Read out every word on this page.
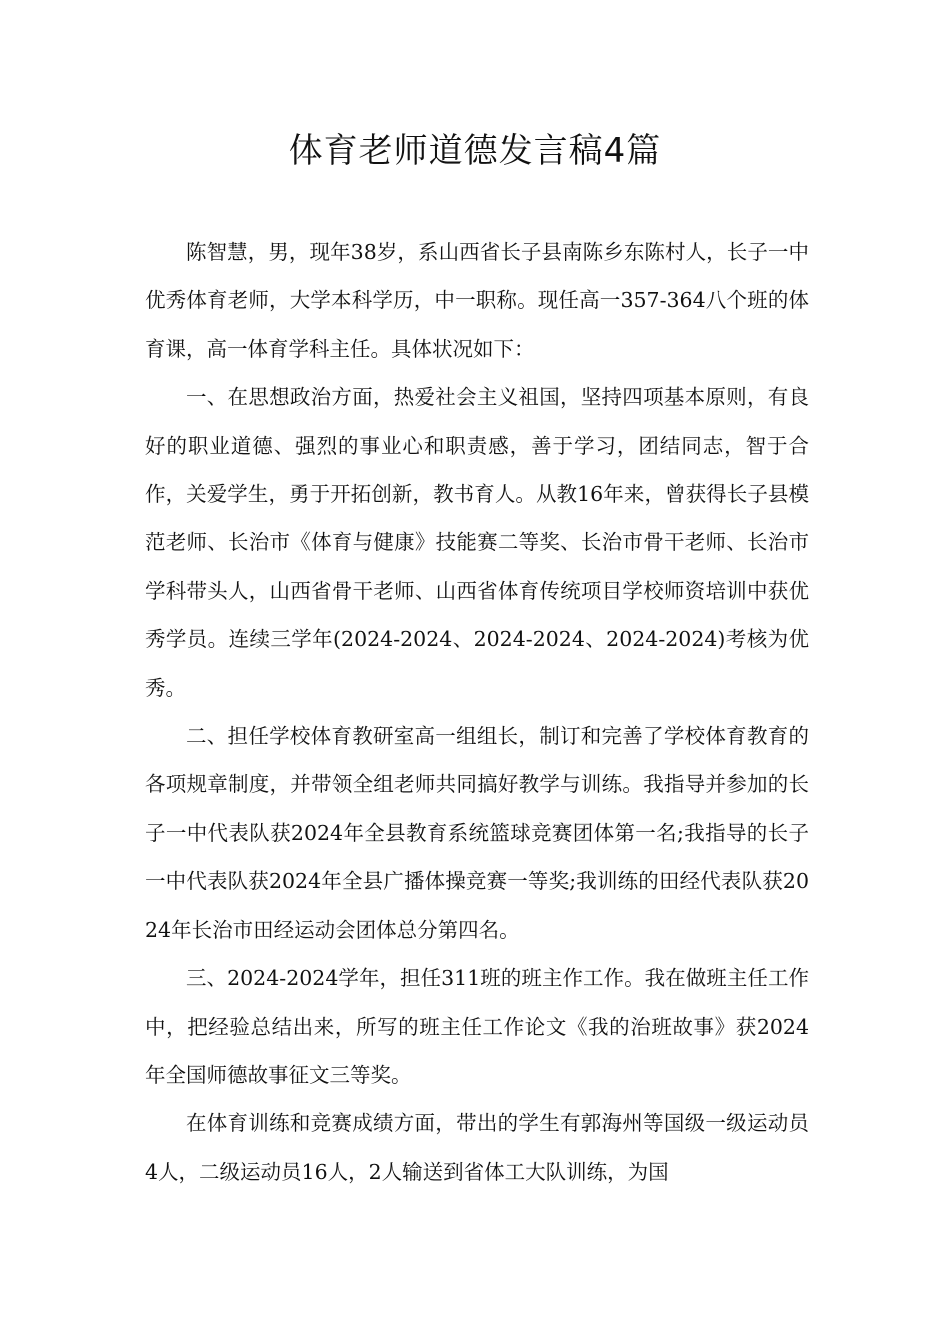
体育老师道德发言稿4篇

陈智慧，男，现年38岁，系山西省长子县南陈乡东陈村人，长子一中优秀体育老师，大学本科学历，中一职称。现任高一357-364八个班的体育课，高一体育学科主任。具体状况如下：

一、在思想政治方面，热爱社会主义祖国，坚持四项基本原则，有良好的职业道德、强烈的事业心和职责感，善于学习，团结同志，智于合作，关爱学生，勇于开拓创新，教书育人。从教16年来，曾获得长子县模范老师、长治市《体育与健康》技能赛二等奖、长治市骨干老师、长治市学科带头人，山西省骨干老师、山西省体育传统项目学校师资培训中获优秀学员。连续三学年(2024-2024、2024-2024、2024-2024)考核为优秀。

二、担任学校体育教研室高一组组长，制订和完善了学校体育教育的各项规章制度，并带领全组老师共同搞好教学与训练。我指导并参加的长子一中代表队获2024年全县教育系统篮球竞赛团体第一名;我指导的长子一中代表队获2024年全县广播体操竞赛一等奖;我训练的田经代表队获2024年长治市田经运动会团体总分第四名。

三、2024-2024学年，担任311班的班主作工作。我在做班主任工作中，把经验总结出来，所写的班主任工作论文《我的治班故事》获2024年全国师德故事征文三等奖。

在体育训练和竞赛成绩方面，带出的学生有郭海州等国级一级运动员4人，二级运动员16人，2人输送到省体工大队训练，为国
